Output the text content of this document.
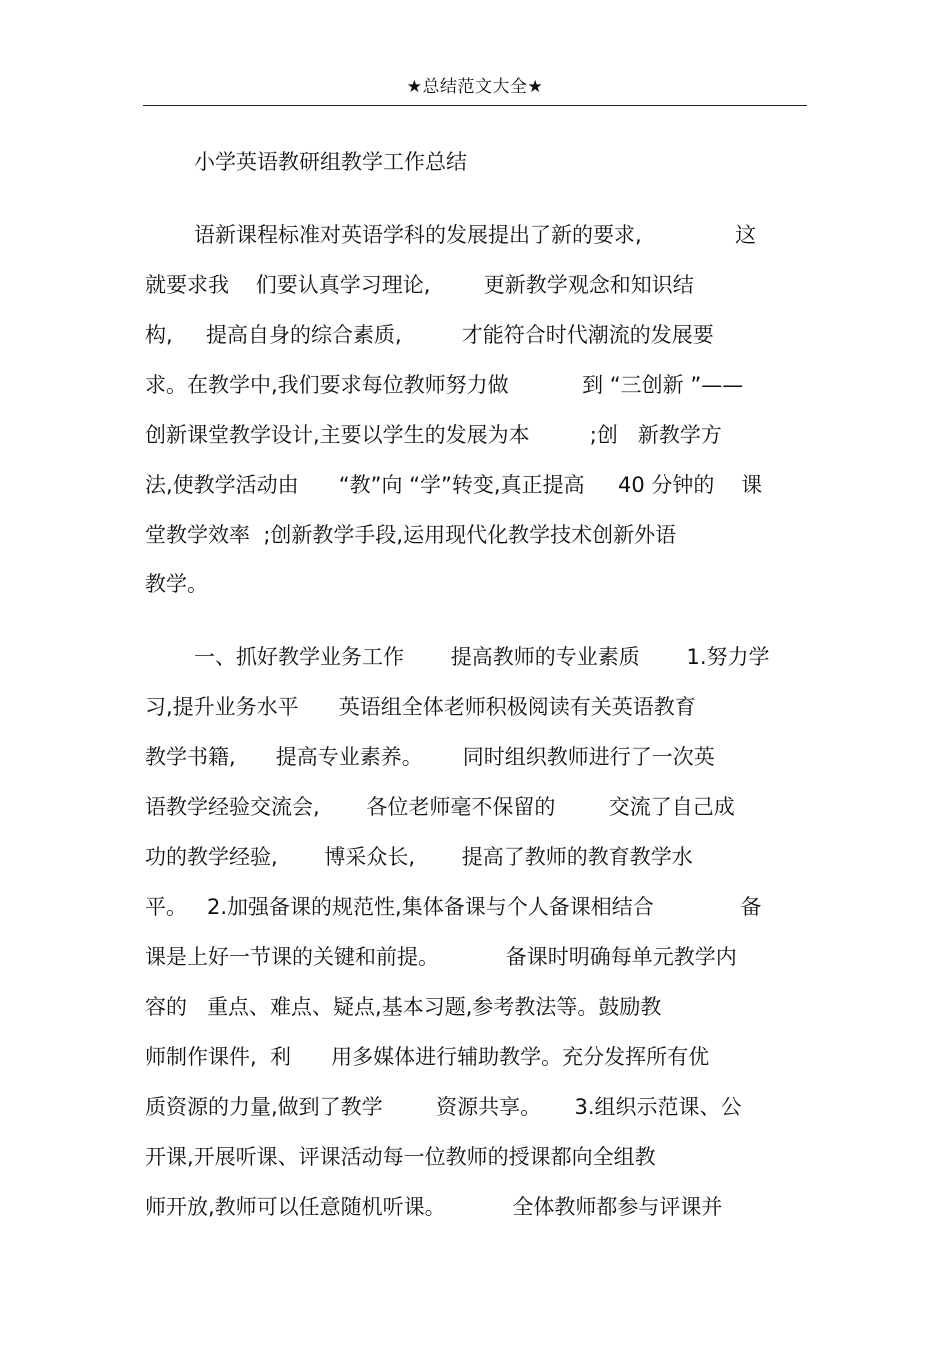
★总结范文大全★
小学英语教研组教学工作总结
语新课程标准对英语学科的发展提出了新的要求,              这
就要求我    们要认真学习理论,        更新教学观念和知识结
构,     提高自身的综合素质,         才能符合时代潮流的发展要
求。在教学中,我们要求每位教师努力做           到 “三创新 ”——
创新课堂教学设计,主要以学生的发展为本         ;创   新教学方
法,使教学活动由      “教”向 “学”转变,真正提高     40 分钟的    课
堂教学效率  ;创新教学手段,运用现代化教学技术创新外语
教学。
一、抓好教学业务工作       提高教师的专业素质       1.努力学
习,提升业务水平      英语组全体老师积极阅读有关英语教育
教学书籍,      提高专业素养。      同时组织教师进行了一次英
语教学经验交流会,       各位老师毫不保留的        交流了自己成
功的教学经验,       博采众长,       提高了教师的教育教学水
平。   2.加强备课的规范性,集体备课与个人备课相结合             备
课是上好一节课的关键和前提。          备课时明确每单元教学内
容的   重点、难点、疑点,基本习题,参考教法等。鼓励教
师制作课件,  利      用多媒体进行辅助教学。充分发挥所有优
质资源的力量,做到了教学        资源共享。     3.组织示范课、公
开课,开展听课、评课活动每一位教师的授课都向全组教
师开放,教师可以任意随机听课。          全体教师都参与评课并
